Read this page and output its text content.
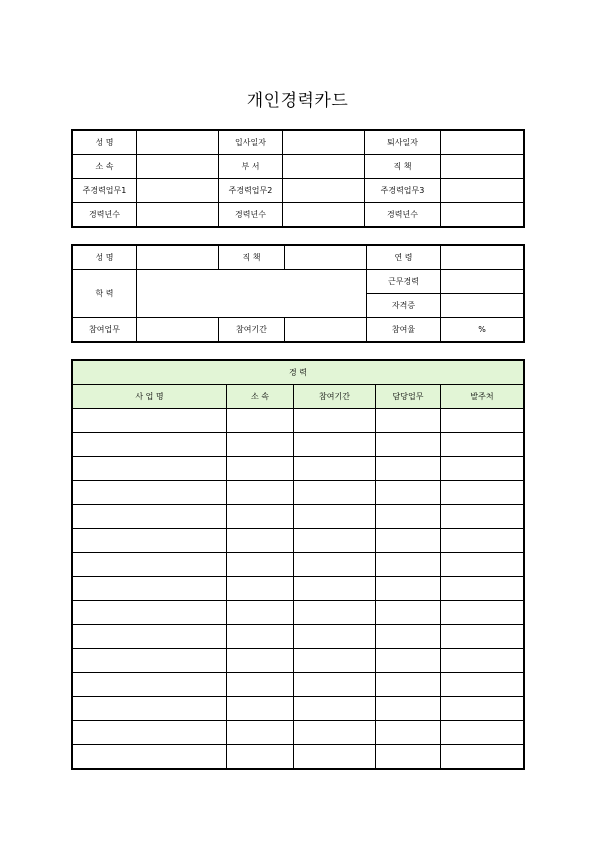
개인경력카드
성 명		입사일자		퇴사일자	
소 속		부 서		직 책	
주경력업무1		주경력업무2		주경력업무3	
경력년수		경력년수		경력년수	
성 명		직 책		연 령	
학 력				근무경력	
				자격증	
참여업무		참여기간		참여율	%
경 력				
사 업 명	소 속	참여기간	담당업무	발주처
